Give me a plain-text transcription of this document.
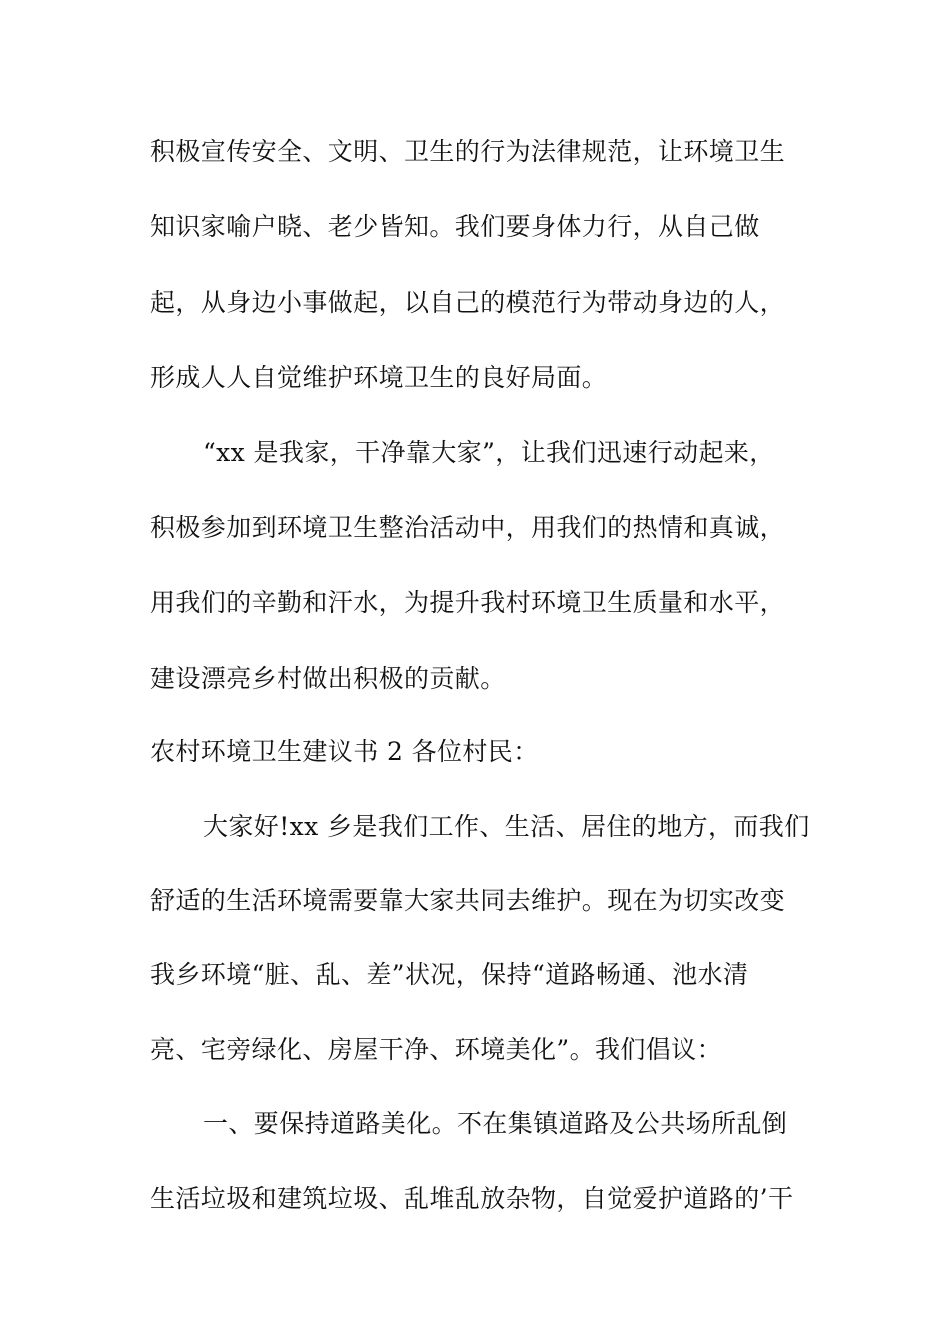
积极宣传安全、文明、卫生的行为法律规范，让环境卫生
知识家喻户晓、老少皆知。我们要身体力行，从自己做
起，从身边小事做起，以自己的模范行为带动身边的人，
形成人人自觉维护环境卫生的良好局面。
“xx 是我家，干净靠大家”，让我们迅速行动起来，
积极参加到环境卫生整治活动中，用我们的热情和真诚，
用我们的辛勤和汗水，为提升我村环境卫生质量和水平，
建设漂亮乡村做出积极的贡献。
农村环境卫生建议书 2 各位村民：
大家好!xx 乡是我们工作、生活、居住的地方，而我们
舒适的生活环境需要靠大家共同去维护。现在为切实改变
我乡环境“脏、乱、差”状况，保持“道路畅通、池水清
亮、宅旁绿化、房屋干净、环境美化”。我们倡议：
一、要保持道路美化。不在集镇道路及公共场所乱倒
生活垃圾和建筑垃圾、乱堆乱放杂物，自觉爱护道路的’干
